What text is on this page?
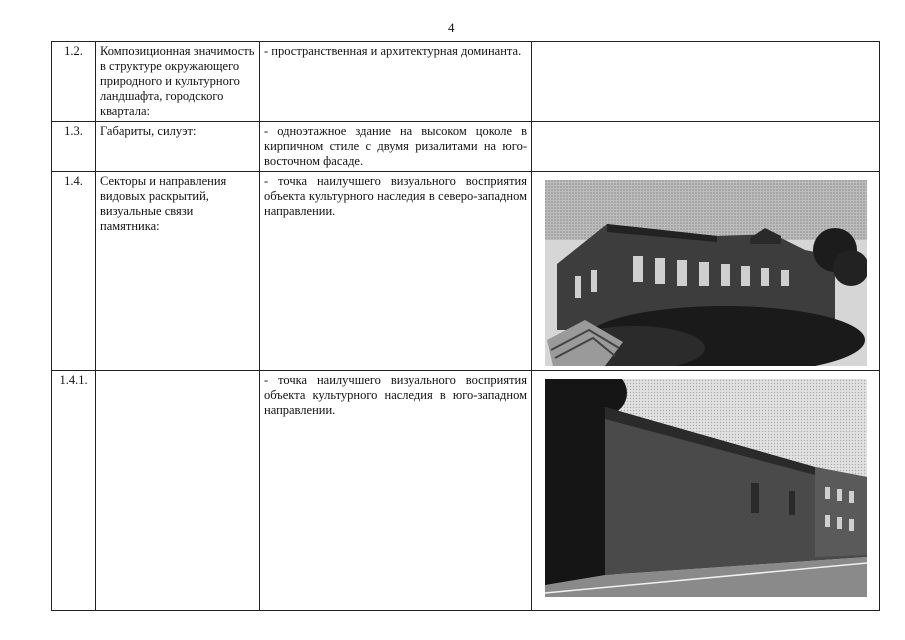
4
1.2.	Композиционная значимость в структуре окружающего природного и культурного ландшафта, городского квартала:	- пространственная и архитектурная доминанта.	
1.3.	Габариты, силуэт:	- одноэтажное здание на высоком цоколе в кирпичном стиле с двумя ризалитами на юго-восточном фасаде.	
1.4.	Секторы и направления видовых раскрытий, визуальные связи памятника:	- точка наилучшего визуального восприятия объекта культурного наследия в северо-западном направлении.	

1.4.1.		- точка наилучшего визуального восприятия объекта культурного наследия в юго-западном направлении.	
